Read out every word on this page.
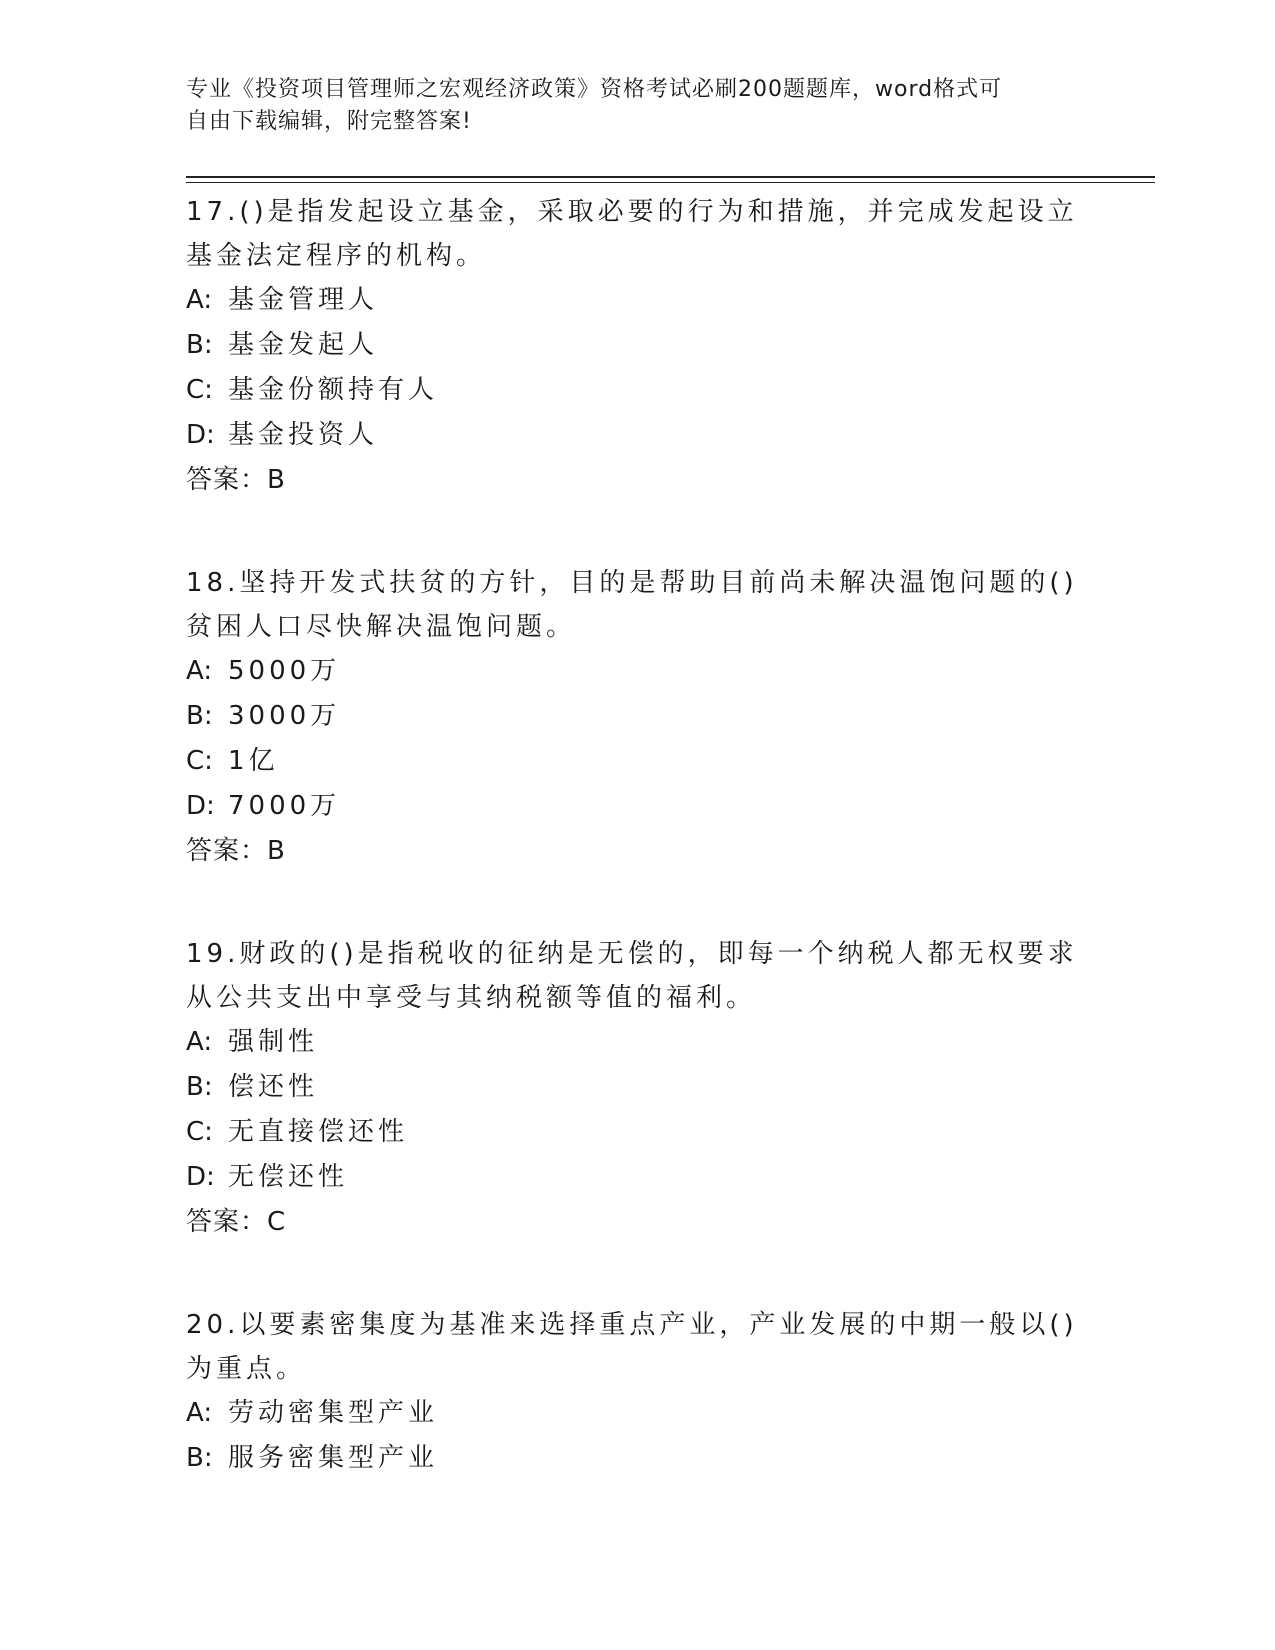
专业《投资项目管理师之宏观经济政策》资格考试必刷200题题库，word格式可
自由下载编辑，附完整答案!

17.()是指发起设立基金，采取必要的行为和措施，并完成发起设立基金法定程序的机构。

A: 基金管理人
B: 基金发起人
C: 基金份额持有人
D: 基金投资人
答案：B

18.坚持开发式扶贫的方针，目的是帮助目前尚未解决温饱问题的()贫困人口尽快解决温饱问题。

A: 5000万
B: 3000万
C: 1亿
D: 7000万
答案：B

19.财政的()是指税收的征纳是无偿的，即每一个纳税人都无权要求从公共支出中享受与其纳税额等值的福利。

A: 强制性
B: 偿还性
C: 无直接偿还性
D: 无偿还性
答案：C

20.以要素密集度为基准来选择重点产业，产业发展的中期一般以()为重点。

A: 劳动密集型产业
B: 服务密集型产业
